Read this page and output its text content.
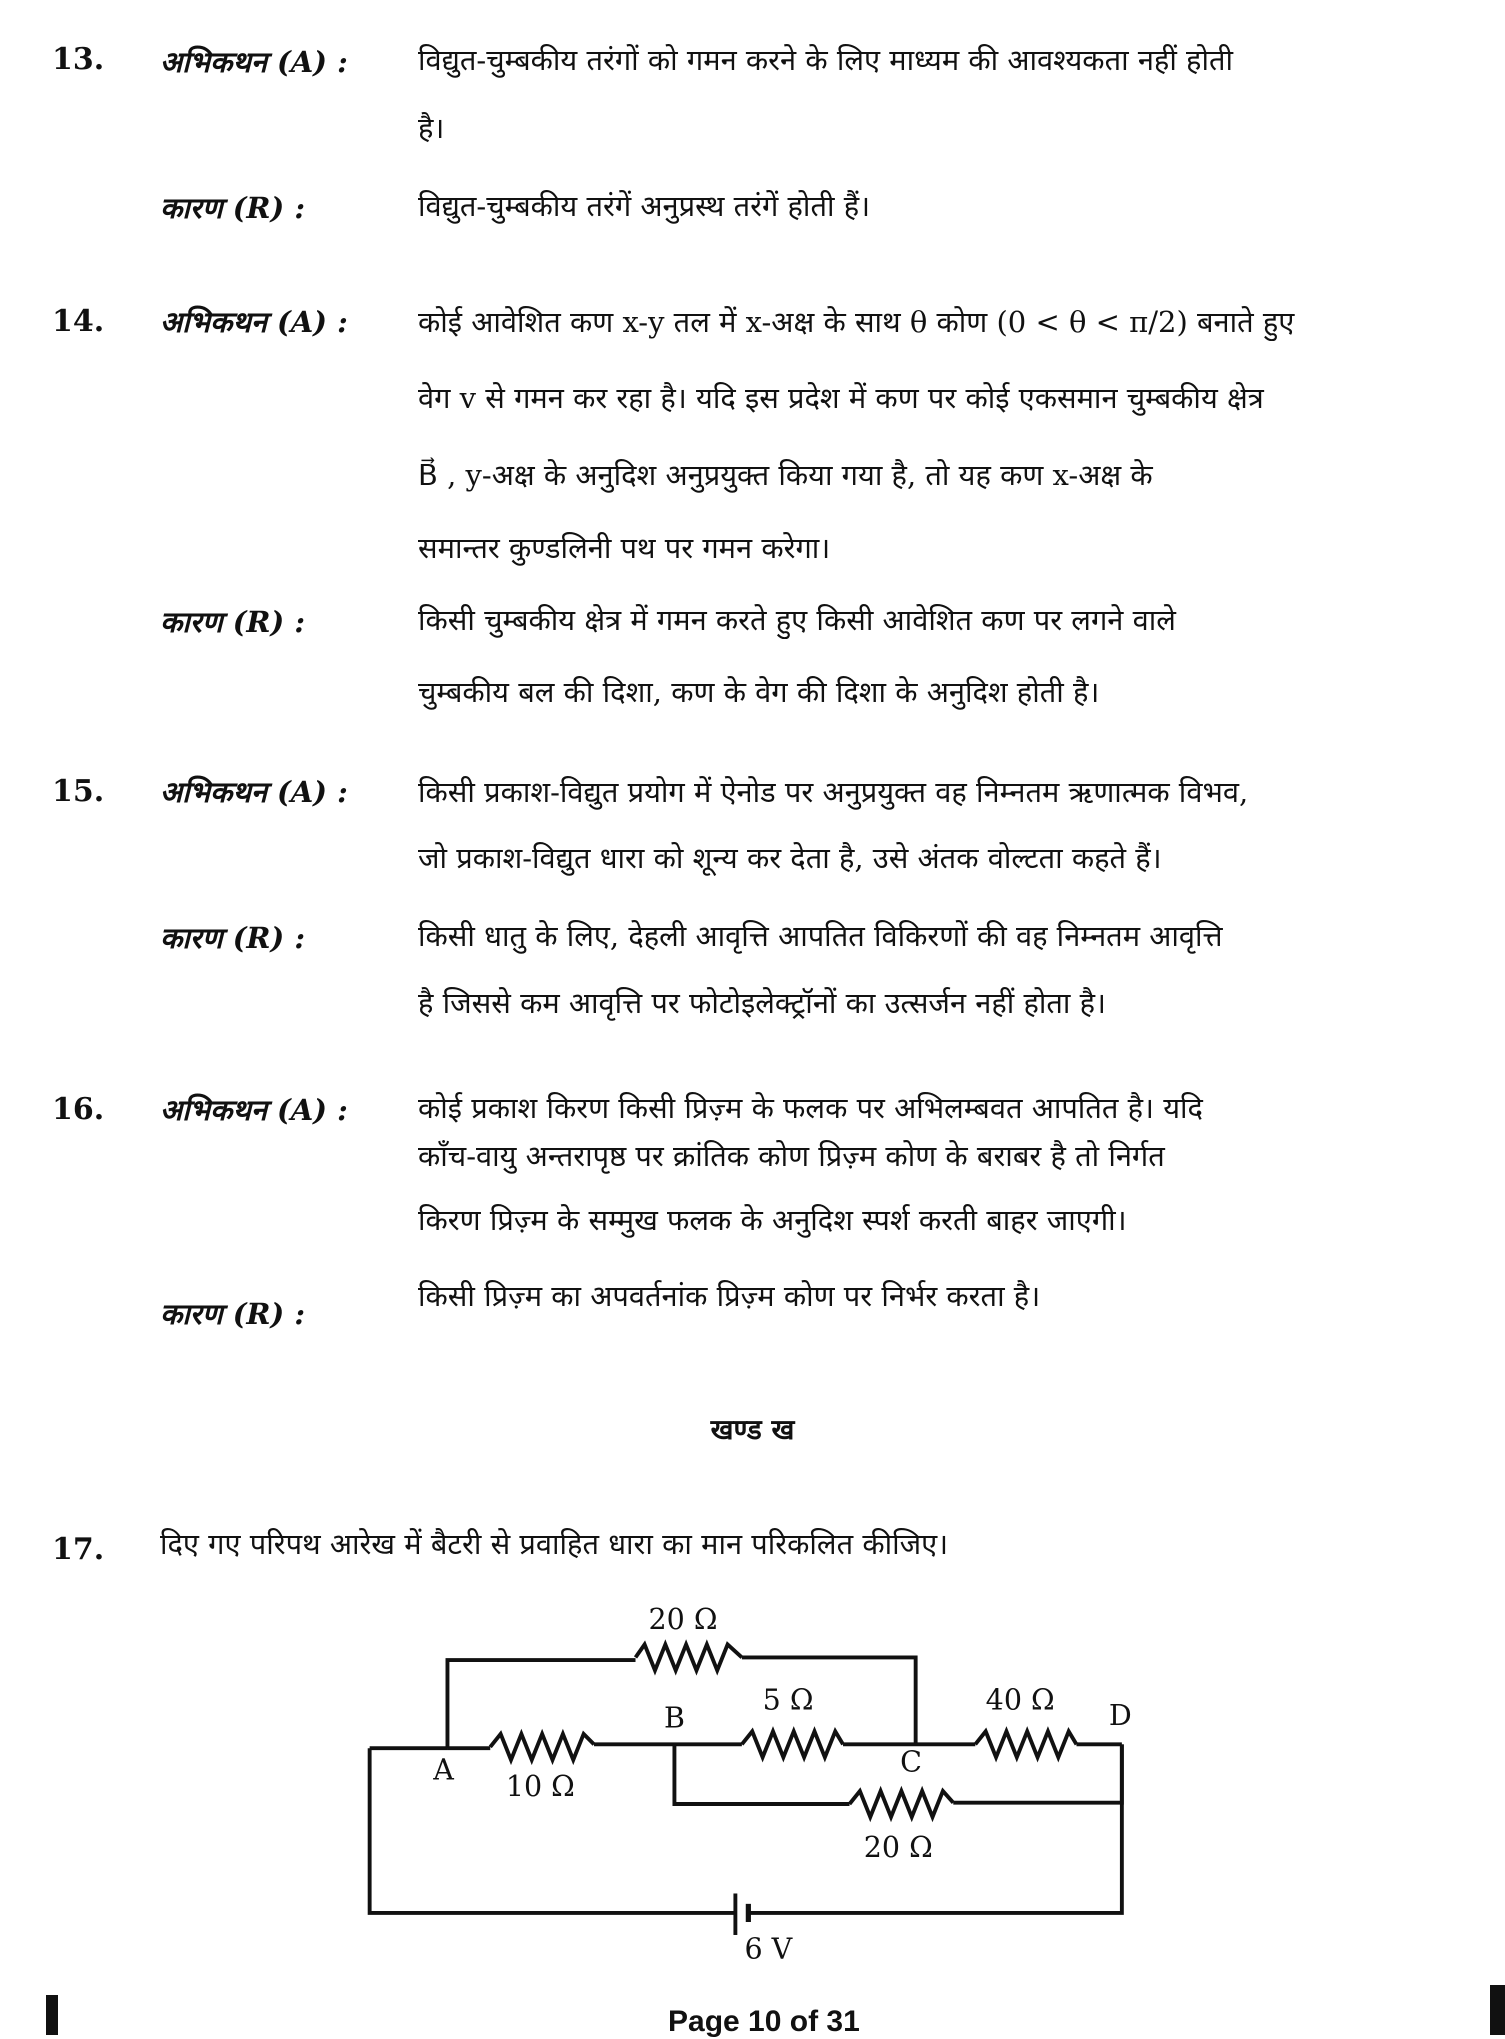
13. अभिकथन (A) : विद्युत-चुम्बकीय तरंगों को गमन करने के लिए माध्यम की आवश्यकता नहीं होती
है।
कारण (R) :	विद्युत-चुम्बकीय तरंगें अनुप्रस्थ तरंगें होती हैं।
14. अभिकथन (A) : कोई आवेशित कण x-y तल में x-अक्ष के साथ θ कोण (0 < θ < π/2) बनाते हुए
वेग v से गमन कर रहा है। यदि इस प्रदेश में कण पर कोई एकसमान चुम्बकीय क्षेत्र
B⃗ , y-अक्ष के अनुदिश अनुप्रयुक्त किया गया है, तो यह कण x-अक्ष के
समान्तर कुण्डलिनी पथ पर गमन करेगा।
कारण (R) :	किसी चुम्बकीय क्षेत्र में गमन करते हुए किसी आवेशित कण पर लगने वाले
चुम्बकीय बल की दिशा, कण के वेग की दिशा के अनुदिश होती है।
15. अभिकथन (A) : किसी प्रकाश-विद्युत प्रयोग में ऐनोड पर अनुप्रयुक्त वह निम्नतम ऋणात्मक विभव,
जो प्रकाश-विद्युत धारा को शून्य कर देता है, उसे अंतक वोल्टता कहते हैं।
कारण (R) :	किसी धातु के लिए, देहली आवृत्ति आपतित विकिरणों की वह निम्नतम आवृत्ति
है जिससे कम आवृत्ति पर फोटोइलेक्ट्रॉनों का उत्सर्जन नहीं होता है।
16. अभिकथन (A) : कोई प्रकाश किरण किसी प्रिज़्म के फलक पर अभिलम्बवत आपतित है। यदि
काँच-वायु अन्तरापृष्ठ पर क्रांतिक कोण प्रिज़्म कोण के बराबर है तो निर्गत
किरण प्रिज़्म के सम्मुख फलक के अनुदिश स्पर्श करती बाहर जाएगी।
कारण (R) :
किसी प्रिज़्म का अपवर्तनांक प्रिज़्म कोण पर निर्भर करता है।
खण्ड ख
17. दिए गए परिपथ आरेख में बैटरी से प्रवाहित धारा का मान परिकलित कीजिए।
20 Ω
10 Ω
5 Ω	40 Ω
20 Ω
6 V
A
B
C
D
Page 10 of 31
